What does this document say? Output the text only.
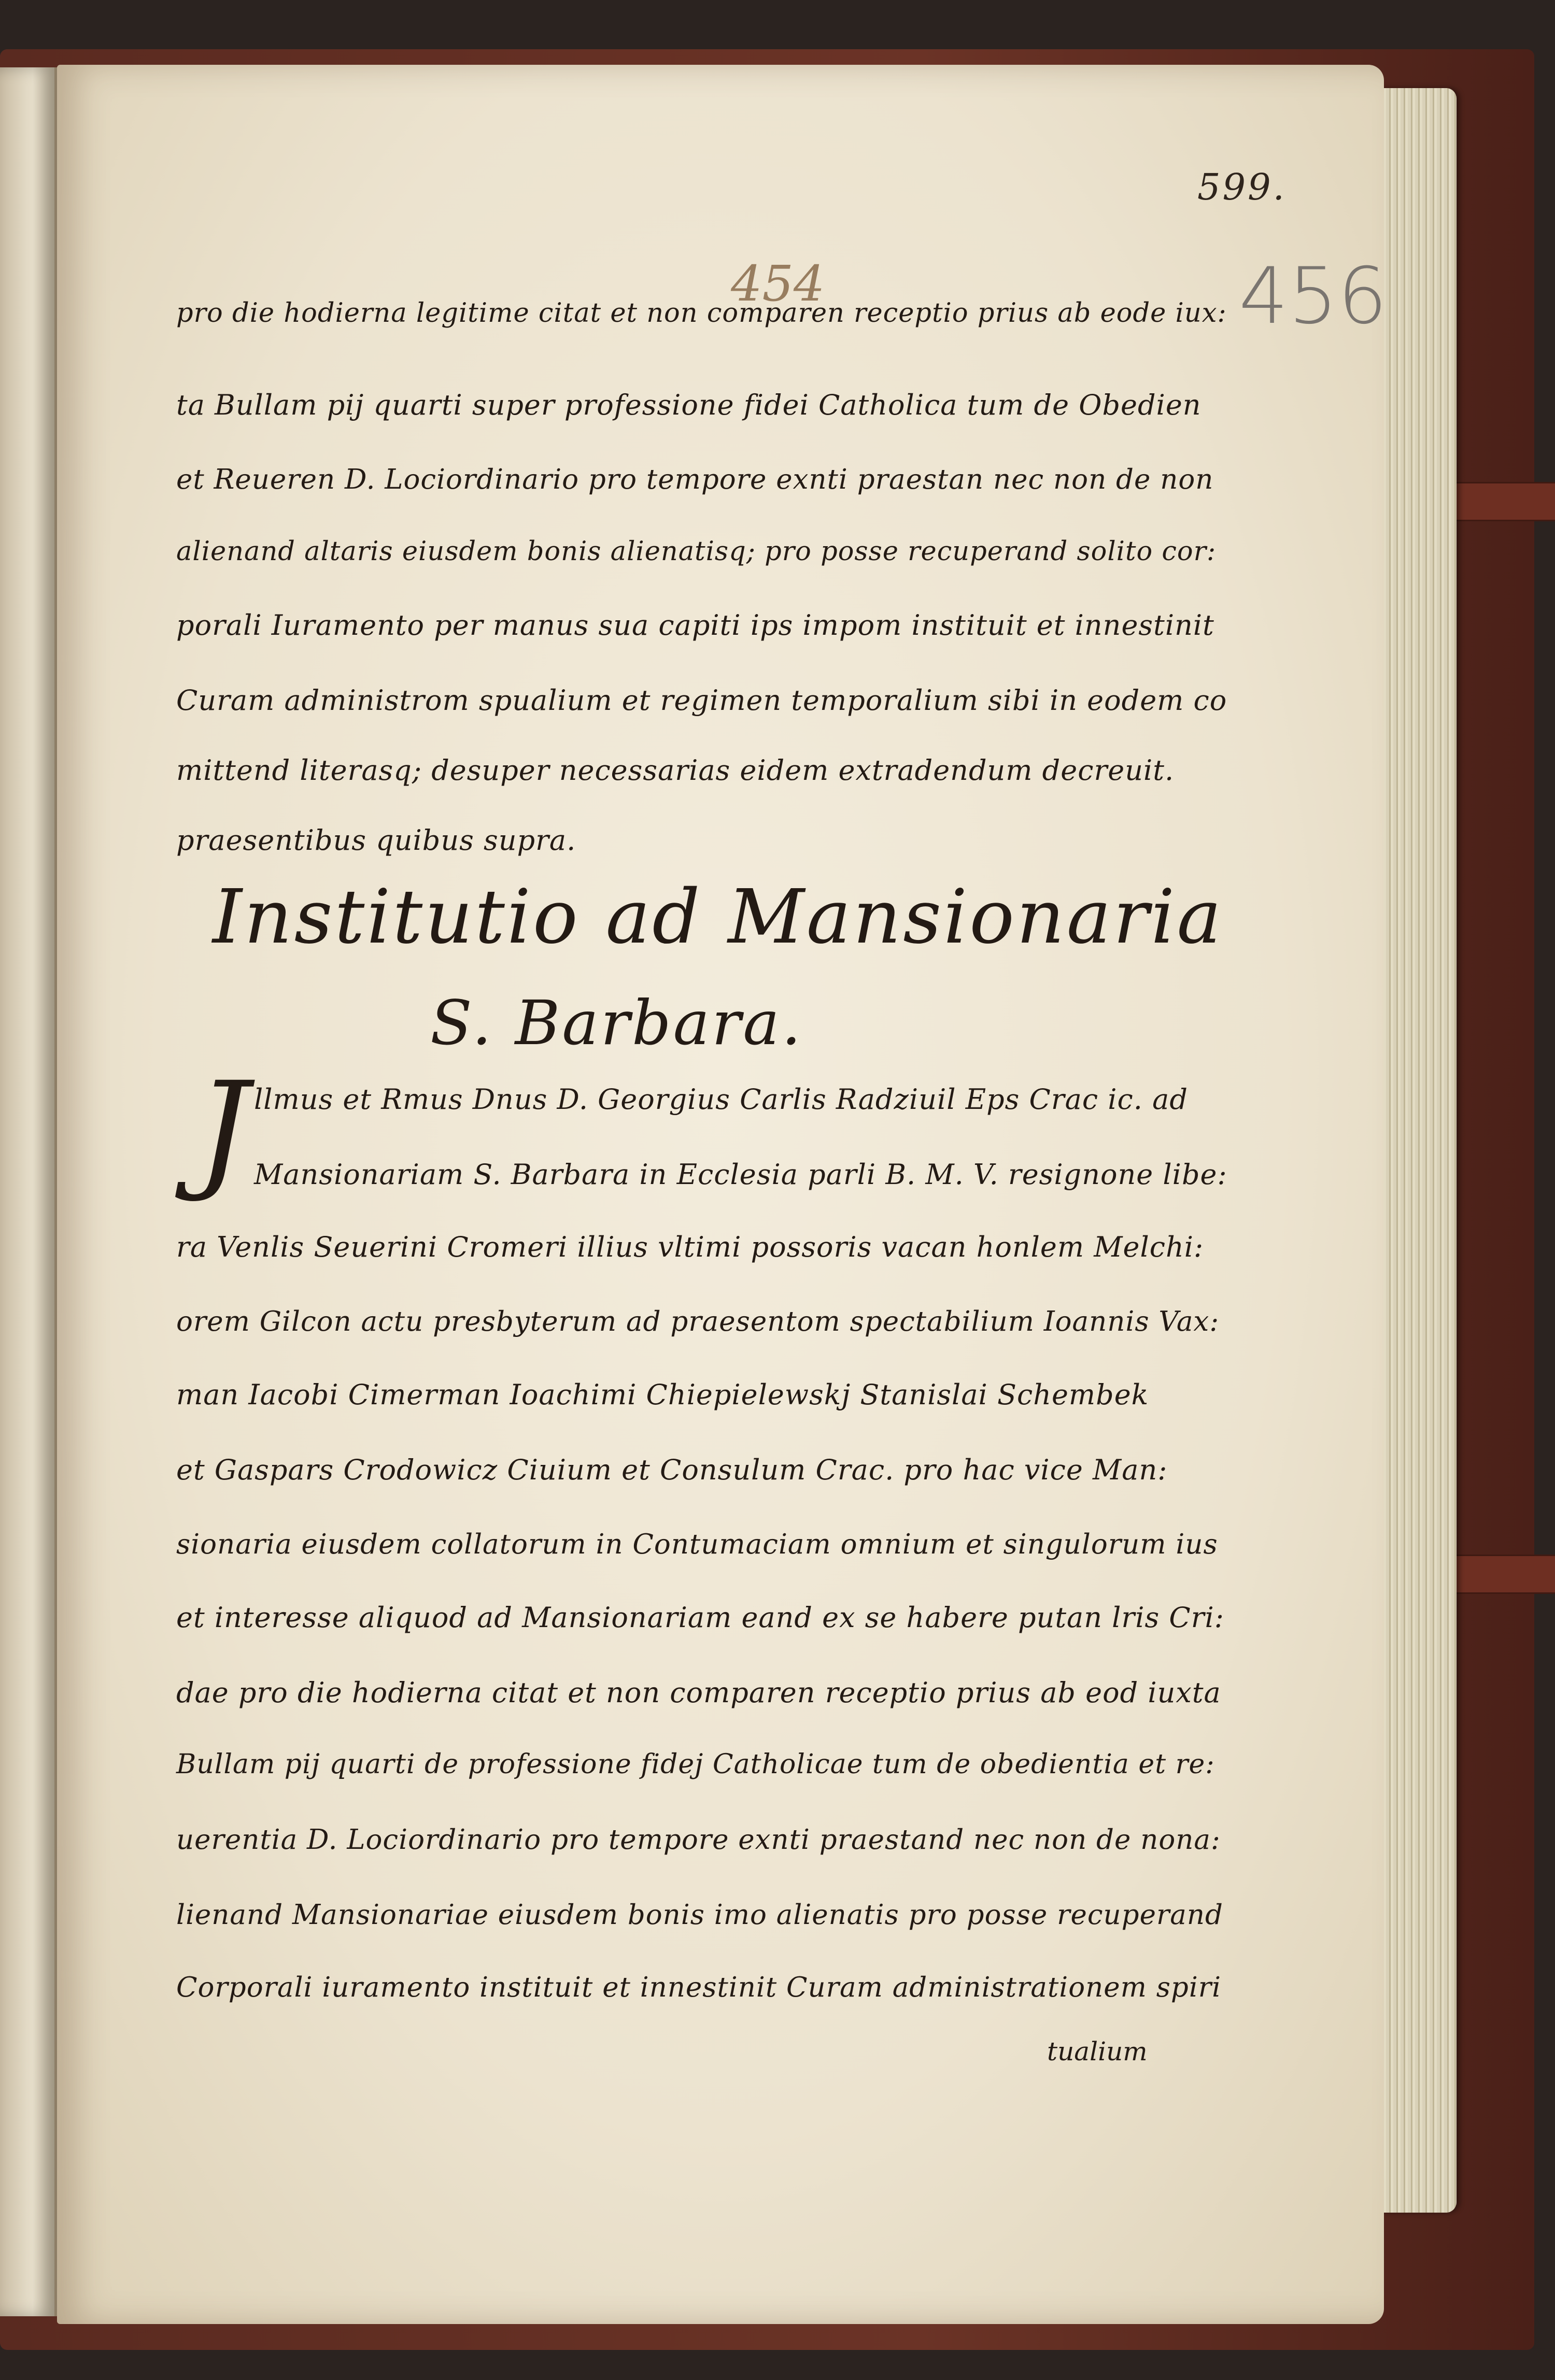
599.
456
454
pro die hodierna legitime citat et non comparen receptio prius ab eode iux:
ta Bullam pij quarti super professione fidei Catholica tum de Obedien
et Reueren D. Lociordinario pro tempore exnti praestan nec non de non
alienand altaris eiusdem bonis alienatisq; pro posse recuperand solito cor:
porali Iuramento per manus sua capiti ips impom instituit et innestinit
Curam administrom spualium et regimen temporalium sibi in eodem co
mittend literasq; desuper necessarias eidem extradendum decreuit.
praesentibus quibus supra.
Institutio ad Mansionaria
S. Barbara.
J llmus et Rmus Dnus D. Georgius Carlis Radziuil Eps Crac ic. ad
Mansionariam S. Barbara in Ecclesia parli B. M. V. resignone libe:
ra Venlis Seuerini Cromeri illius vltimi possoris vacan honlem Melchi:
orem Gilcon actu presbyterum ad praesentom spectabilium Ioannis Vax:
man Iacobi Cimerman Ioachimi Chiepielewskj Stanislai Schembek
et Gaspars Crodowicz Ciuium et Consulum Crac. pro hac vice Man:
sionaria eiusdem collatorum in Contumaciam omnium et singulorum ius
et interesse aliquod ad Mansionariam eand ex se habere putan lris Cri:
dae pro die hodierna citat et non comparen receptio prius ab eod iuxta
Bullam pij quarti de professione fidej Catholicae tum de obedientia et re:
uerentia D. Lociordinario pro tempore exnti praestand nec non de nona:
lienand Mansionariae eiusdem bonis imo alienatis pro posse recuperand
Corporali iuramento instituit et innestinit Curam administrationem spiri
tualium
